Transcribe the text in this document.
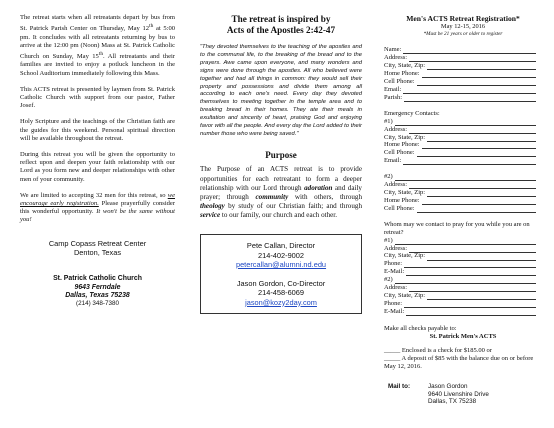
The retreat starts when all retreatants depart by bus from St. Patrick Parish Center on Thursday, May 12th at 5:00 pm. It concludes with all retreatants returning by bus to arrive at the 12:00 pm (Noon) Mass at St. Patrick Catholic Church on Sunday, May 15th. All retreatants and their families are invited to enjoy a potluck luncheon in the School Auditorium immediately following this Mass.

This ACTS retreat is presented by laymen from St. Patrick Catholic Church with support from our pastor, Father Josef.

Holy Scripture and the teachings of the Christian faith are the guides for this weekend. Personal spiritual direction will be available throughout the retreat.

During this retreat you will be given the opportunity to reflect upon and deepen your faith relationship with our Lord as you form new and deeper relationships with other men of your community.

We are limited to accepting 32 men for this retreat, so we encourage early registration. Please prayerfully consider this wonderful opportunity. It won't be the same without you!

Camp Copass Retreat Center
Denton, Texas
St. Patrick Catholic Church
9643 Ferndale
Dallas, Texas 75238
(214) 348-7380
The retreat is inspired by
Acts of the Apostles 2:42-47
"They devoted themselves to the teaching of the apostles and to the communal life, to the breaking of the bread and to the prayers. Awe came upon everyone, and many wonders and signs were done through the apostles. All who believed were together and had all things in common: they would sell their property and possessions and divide them among all according to each one's need. Every day they devoted themselves to meeting together in the temple area and to breaking bread in their homes. They ate their meals in exultation and sincerity of heart, praising God and enjoying favor with all the people. And every day the Lord added to their number those who were being saved."
Purpose

The Purpose of an ACTS retreat is to provide opportunities for each retreatant to form a deeper relationship with our Lord through adoration and daily prayer; through community with others, through theology by study of our Christian faith; and through service to our family, our church and each other.

Pete Callan, Director
214-402-9002
petercallan@alumni.nd.edu
Jason Gordon, Co-Director
214-458-6069
jason@kozy2day.com
Men's ACTS Retreat Registration*
May 12-15, 2016
*Must be 21 years or older to register
Name:
Address:
City, State, Zip:
Home Phone:
Cell Phone:
Email:
Parish:
Emergency Contacts:
#1)
Address:
City, State, Zip:
Home Phone:
Cell Phone:
Email:
#2)
Address:
City, State, Zip:
Home Phone:
Cell Phone:
Whom may we contact to pray for you while you are on retreat?
#1)
Address:
City, State, Zip:
Phone:
E-Mail:
#2)
Address:
City, State, Zip:
Phone:
E-Mail:
Make all checks payable to:
St. Patrick Men's ACTS
_____ Enclosed is a check for $185.00 or
_____ A deposit of $85 with the balance due on or before May 12, 2016.
Mail to:	Jason Gordon
9640 Livenshire Drive
Dallas, TX 75238
